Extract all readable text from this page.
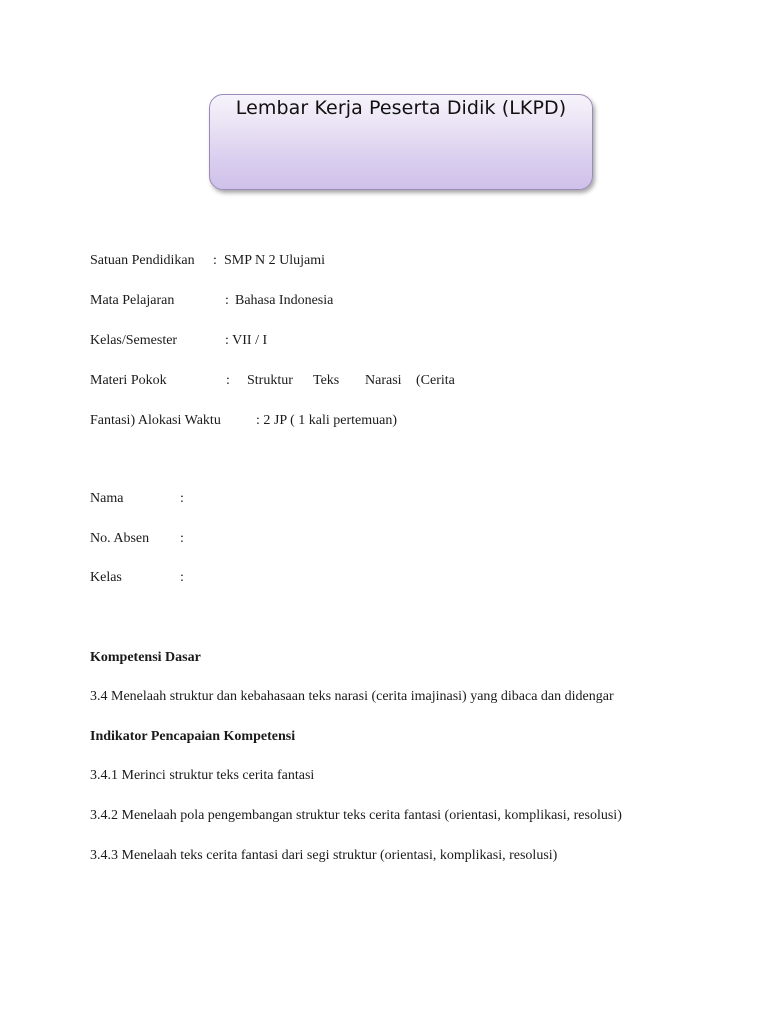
Lembar Kerja Peserta Didik (LKPD)
Satuan Pendidikan : SMP N 2 Ulujami
Mata Pelajaran	: Bahasa Indonesia
Kelas/Semester	: VII / I
Materi Pokok	: Struktur Teks Narasi (Cerita
Fantasi) Alokasi Waktu	: 2 JP ( 1 kali pertemuan)
Nama	:
No. Absen :
Kelas	:
Kompetensi Dasar
3.4 Menelaah struktur dan kebahasaan teks narasi (cerita imajinasi) yang dibaca dan didengar
Indikator Pencapaian Kompetensi
3.4.1 Merinci struktur teks cerita fantasi
3.4.2 Menelaah pola pengembangan struktur teks cerita fantasi (orientasi, komplikasi, resolusi)
3.4.3 Menelaah teks cerita fantasi dari segi struktur (orientasi, komplikasi, resolusi)
